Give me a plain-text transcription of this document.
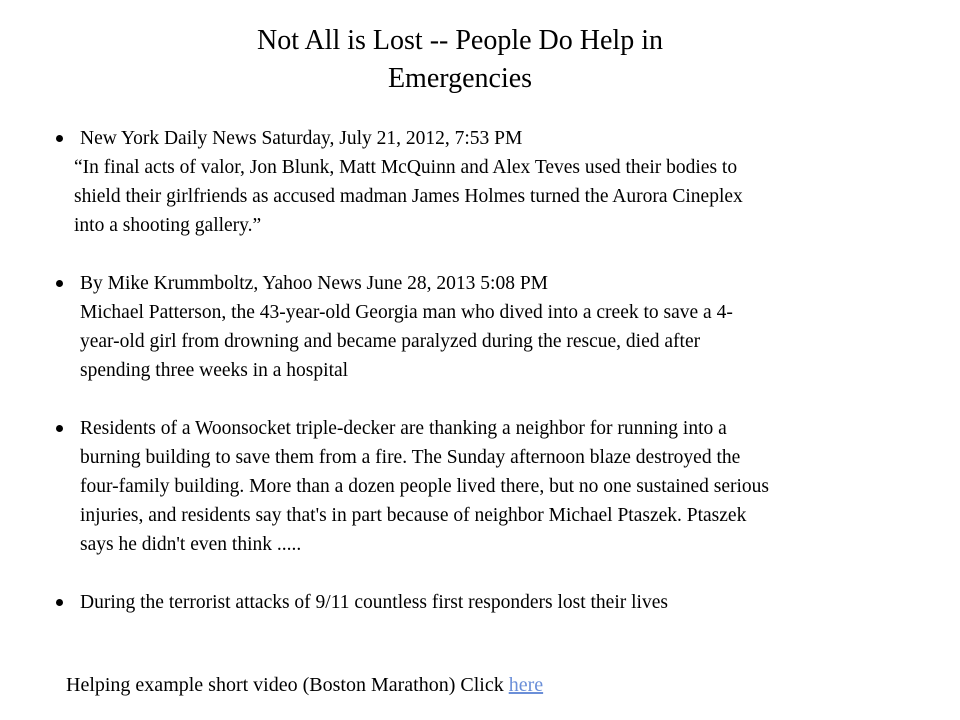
Not All is Lost -- People Do Help in
Emergencies
New York Daily News Saturday, July 21, 2012, 7:53 PM
“In final acts of valor, Jon Blunk, Matt McQuinn and Alex Teves used their bodies to
shield their girlfriends as accused madman James Holmes turned the Aurora Cineplex
into a shooting gallery.”
By Mike Krummboltz, Yahoo News June 28, 2013 5:08 PM
Michael Patterson, the 43-year-old Georgia man who dived into a creek to save a 4-
year-old girl from drowning and became paralyzed during the rescue, died after
spending three weeks in a hospital
Residents of a Woonsocket triple-decker are thanking a neighbor for running into a
burning building to save them from a fire. The Sunday afternoon blaze destroyed the
four-family building. More than a dozen people lived there, but no one sustained serious
injuries, and residents say that's in part because of neighbor Michael Ptaszek. Ptaszek
says he didn't even think .....
During the terrorist attacks of 9/11 countless first responders lost their lives
Helping example short video (Boston Marathon) Click here
